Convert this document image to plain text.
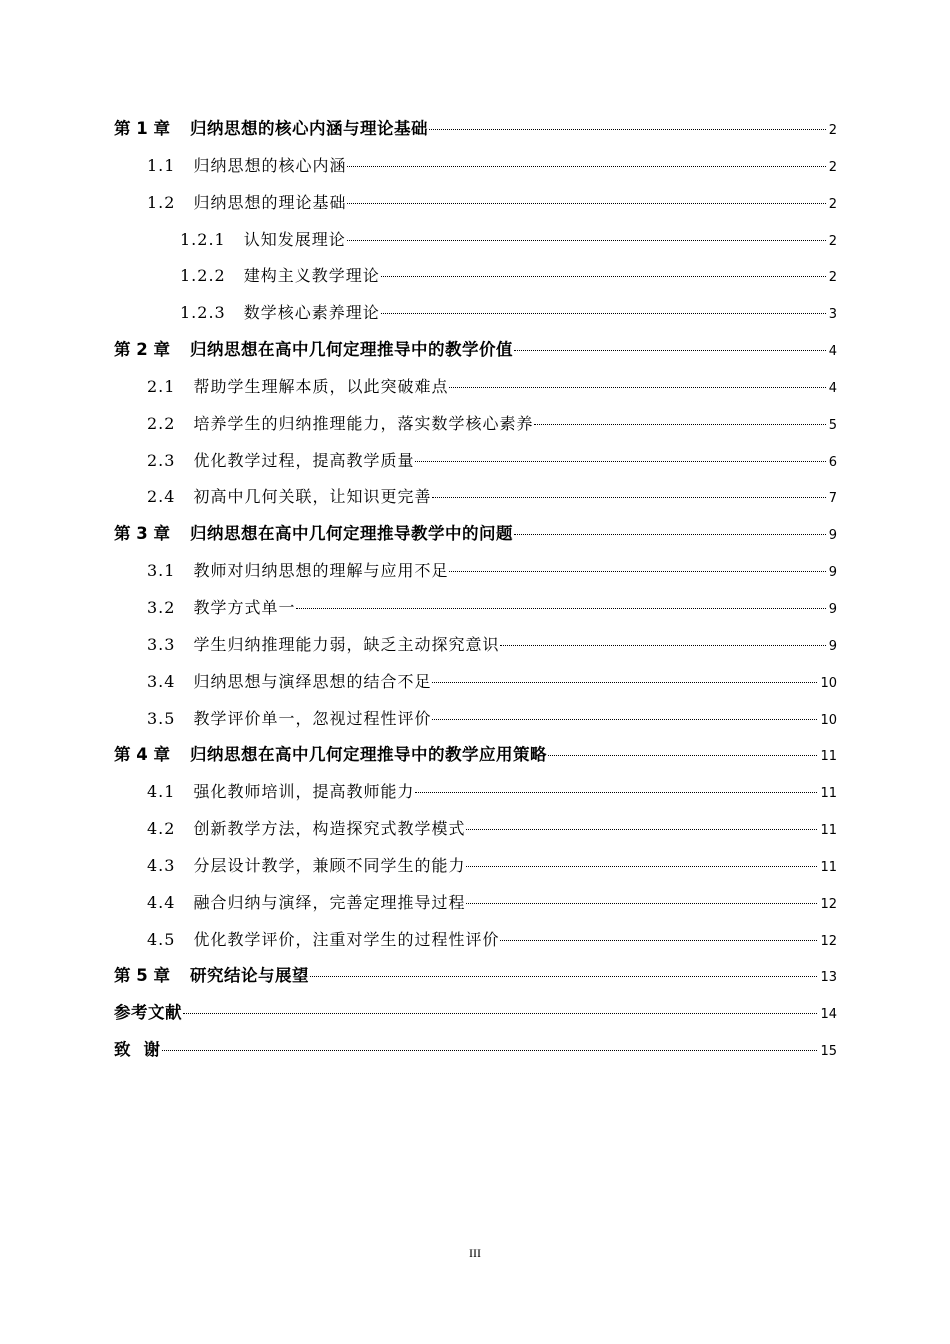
第 1 章 归纳思想的核心内涵与理论基础	2
1.1 归纳思想的核心内涵	2
1.2 归纳思想的理论基础	2
1.2.1 认知发展理论	2
1.2.2 建构主义教学理论	2
1.2.3 数学核心素养理论	3
第 2 章 归纳思想在高中几何定理推导中的教学价值	4
2.1 帮助学生理解本质，以此突破难点	4
2.2 培养学生的归纳推理能力，落实数学核心素养	5
2.3 优化教学过程，提高教学质量	6
2.4 初高中几何关联，让知识更完善	7
第 3 章 归纳思想在高中几何定理推导教学中的问题	9
3.1 教师对归纳思想的理解与应用不足	9
3.2 教学方式单一	9
3.3 学生归纳推理能力弱，缺乏主动探究意识	9
3.4 归纳思想与演绎思想的结合不足	10
3.5 教学评价单一，忽视过程性评价	10
第 4 章 归纳思想在高中几何定理推导中的教学应用策略	11
4.1 强化教师培训，提高教师能力	11
4.2 创新教学方法，构造探究式教学模式	11
4.3 分层设计教学，兼顾不同学生的能力	11
4.4 融合归纳与演绎，完善定理推导过程	12
4.5 优化教学评价，注重对学生的过程性评价	12
第 5 章 研究结论与展望	13
参考文献	14
致  谢	15
III
